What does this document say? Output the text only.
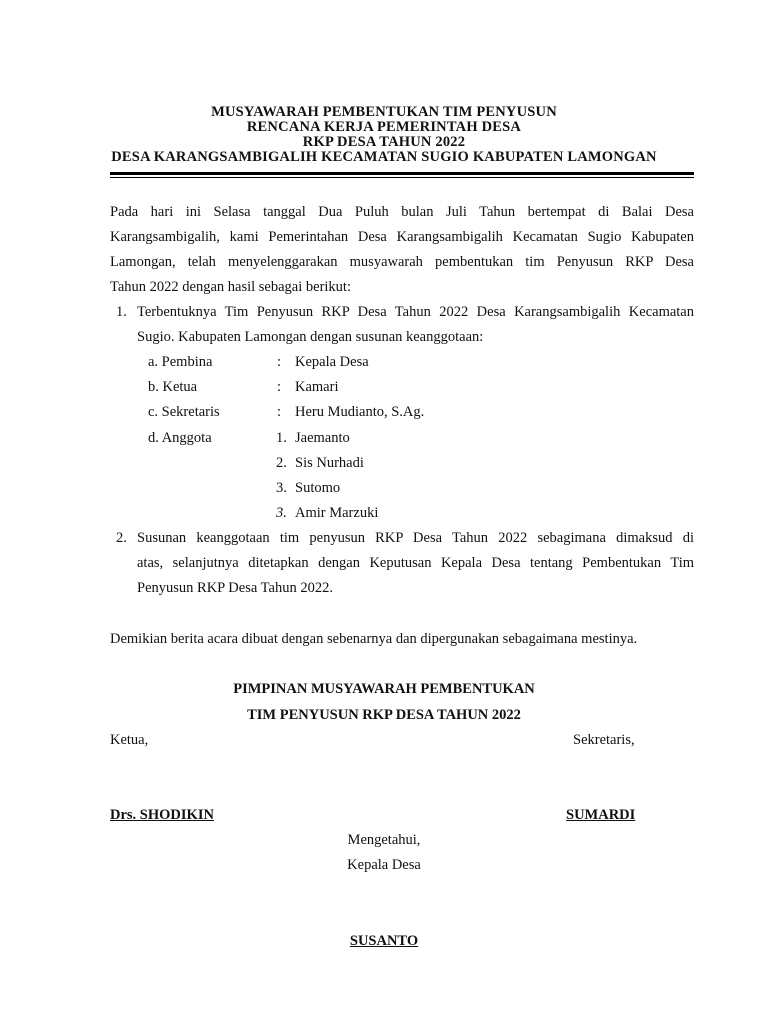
MUSYAWARAH PEMBENTUKAN TIM PENYUSUN
RENCANA KERJA PEMERINTAH DESA
RKP DESA TAHUN 2022
DESA KARANGSAMBIGALIH KECAMATAN SUGIO KABUPATEN LAMONGAN
Pada hari ini Selasa tanggal Dua Puluh bulan Juli Tahun bertempat di Balai Desa
Karangsambigalih, kami Pemerintahan Desa Karangsambigalih Kecamatan Sugio Kabupaten
Lamongan, telah menyelenggarakan musyawarah pembentukan tim Penyusun RKP Desa
Tahun 2022 dengan hasil sebagai berikut:
1. Terbentuknya Tim Penyusun RKP Desa Tahun 2022 Desa Karangsambigalih Kecamatan
Sugio. Kabupaten Lamongan dengan susunan keanggotaan:
a. Pembina	: Kepala Desa
b. Ketua	: Kamari
c. Sekretaris	: Heru Mudianto, S.Ag.
d. Anggota	1. Jaemanto
2. Sis Nurhadi
3. Sutomo
3. Amir Marzuki
2. Susunan keanggotaan tim penyusun RKP Desa Tahun 2022 sebagimana dimaksud di
atas, selanjutnya ditetapkan dengan Keputusan Kepala Desa tentang Pembentukan Tim
Penyusun RKP Desa Tahun 2022.
Demikian berita acara dibuat dengan sebenarnya dan dipergunakan sebagaimana mestinya.
PIMPINAN MUSYAWARAH PEMBENTUKAN
TIM PENYUSUN RKP DESA TAHUN 2022
Ketua,	Sekretaris,
Drs. SHODIKIN	SUMARDI
Mengetahui,
Kepala Desa
SUSANTO
